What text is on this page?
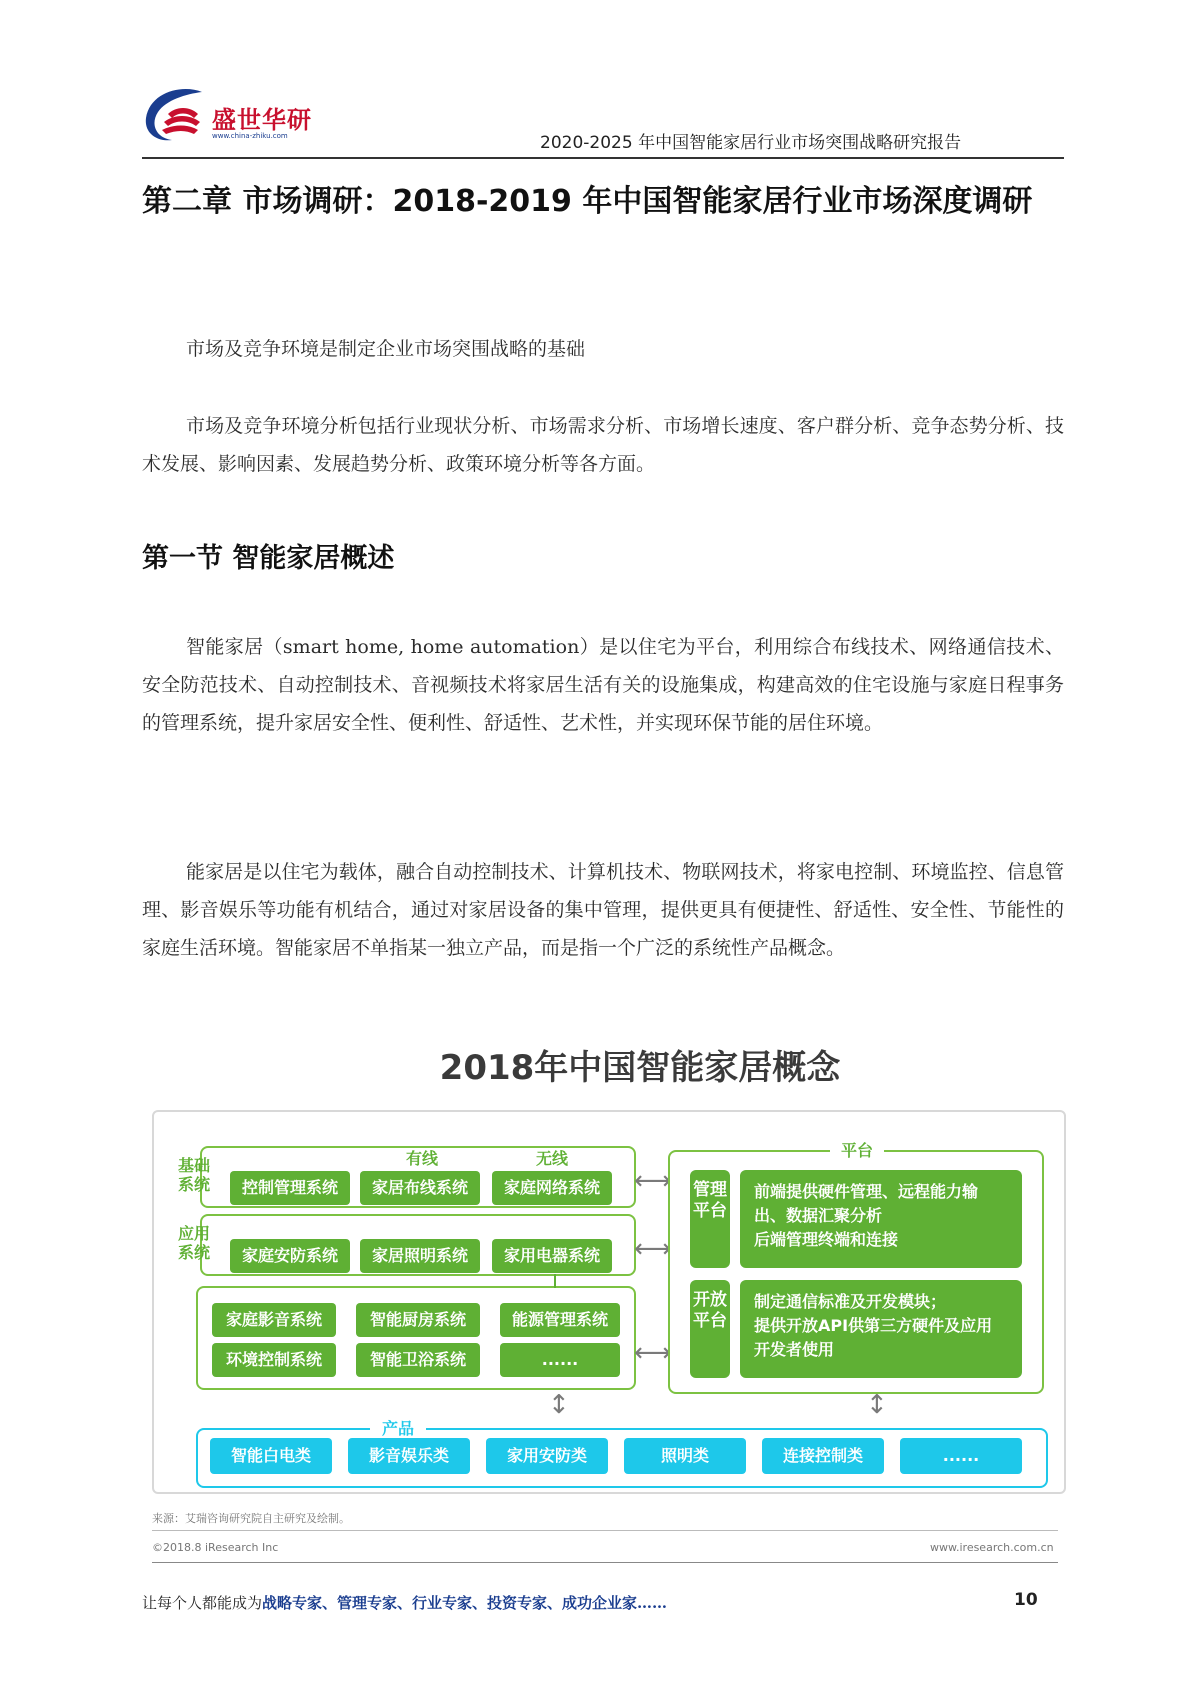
盛世华研
www.china-zhiku.com	2020-2025 年中国智能家居行业市场突围战略研究报告
第二章 市场调研：2018-2019 年中国智能家居行业市场深度调研
市场及竞争环境是制定企业市场突围战略的基础
市场及竞争环境分析包括行业现状分析、市场需求分析、市场增长速度、客户群分析、竞争态势分析、技术发展、影响因素、发展趋势分析、政策环境分析等各方面。
第一节 智能家居概述
智能家居（smart home, home automation）是以住宅为平台，利用综合布线技术、网络通信技术、安全防范技术、自动控制技术、音视频技术将家居生活有关的设施集成，构建高效的住宅设施与家庭日程事务的管理系统，提升家居安全性、便利性、舒适性、艺术性，并实现环保节能的居住环境。
能家居是以住宅为载体，融合自动控制技术、计算机技术、物联网技术，将家电控制、环境监控、信息管理、影音娱乐等功能有机结合，通过对家居设备的集中管理，提供更具有便捷性、舒适性、安全性、节能性的家庭生活环境。智能家居不单指某一独立产品，而是指一个广泛的系统性产品概念。
2018年中国智能家居概念
基础系统
应用系统
有线	无线
控制管理系统	家居布线系统	家庭网络系统
家庭安防系统	家居照明系统	家用电器系统
家庭影音系统	智能厨房系统	能源管理系统
环境控制系统	智能卫浴系统	......
⟷
⟷
⟷
平台
管理平台
前端提供硬件管理、远程能力输出、数据汇聚分析
后端管理终端和连接
开放平台
制定通信标准及开发模块；
提供开放API供第三方硬件及应用开发者使用
↕	↕
产品
智能白电类	影音娱乐类	家用安防类	照明类	连接控制类	......
来源：艾瑞咨询研究院自主研究及绘制。
©2018.8 iResearch Inc	www.iresearch.com.cn
让每个人都能成为战略专家、管理专家、行业专家、投资专家、成功企业家……	10
